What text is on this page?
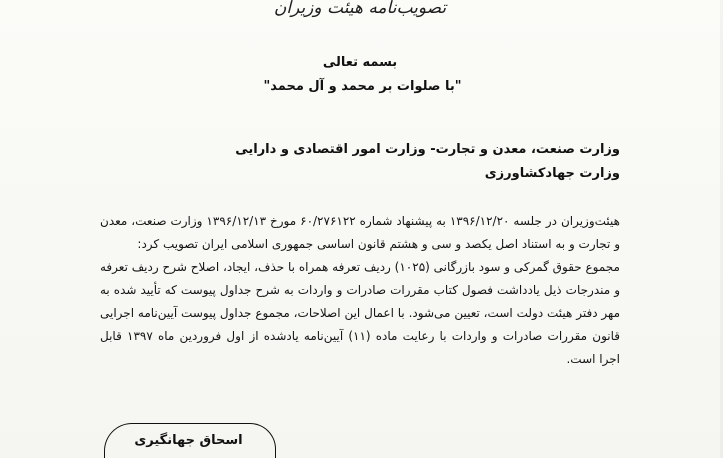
تصویب‌نامه هیئت وزیران
بسمه تعالی
"با صلوات بر محمد و آل محمد"
وزارت صنعت، معدن و تجارت- وزارت امور اقتصادی و دارایی
وزارت جهادکشاورزی

هیئت‌وزیران در جلسه ۱۳۹۶/۱۲/۲۰ به پیشنهاد شماره ۶۰/۲۷۶۱۲۲ مورخ ۱۳۹۶/۱۲/۱۳ وزارت صنعت، معدن و تجارت و به استناد اصل یکصد و سی و هشتم قانون اساسی جمهوری اسلامی ایران تصویب کرد:

مجموع حقوق گمرکی و سود بازرگانی (۱۰۲۵) ردیف تعرفه همراه با حذف، ایجاد، اصلاح شرح ردیف تعرفه و مندرجات ذیل یادداشت فصول کتاب مقررات صادرات و واردات به شرح جداول پیوست که تأیید شده به مهر دفتر هیئت دولت است، تعیین می‌شود. با اعمال این اصلاحات، مجموع جداول پیوست آیین‌نامه اجرایی قانون مقررات صادرات و واردات با رعایت ماده (۱۱) آیین‌نامه یادشده از اول فروردین ماه ۱۳۹۷ قابل اجرا است.

اسحاق جهانگیری
